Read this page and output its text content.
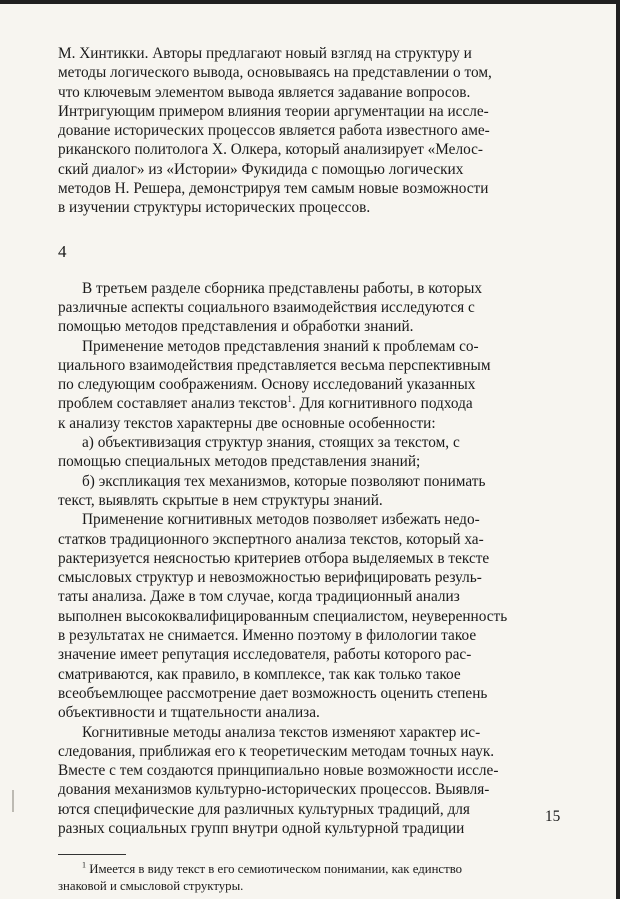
М. Хинтикки. Авторы предлагают новый взгляд на структуру и
методы логического вывода, основываясь на представлении о том,
что ключевым элементом вывода является задавание вопросов.
Интригующим примером влияния теории аргументации на иссле-
дование исторических процессов является работа известного аме-
риканского политолога Х. Олкера, который анализирует «Мелос-
ский диалог» из «Истории» Фукидида с помощью логических
методов Н. Решера, демонстрируя тем самым новые возможности
в изучении структуры исторических процессов.

4

В третьем разделе сборника представлены работы, в которых
различные аспекты социального взаимодействия исследуются с
помощью методов представления и обработки знаний.

Применение методов представления знаний к проблемам со-
циального взаимодействия представляется весьма перспективным
по следующим соображениям. Основу исследований указанных
проблем составляет анализ текстов$^1$. Для когнитивного подхода
к анализу текстов характерны две основные особенности:

а) объективизация структур знания, стоящих за текстом, с
помощью специальных методов представления знаний;

б) экспликация тех механизмов, которые позволяют понимать
текст, выявлять скрытые в нем структуры знаний.

Применение когнитивных методов позволяет избежать недо-
статков традиционного экспертного анализа текстов, который ха-
рактеризуется неясностью критериев отбора выделяемых в тексте
смысловых структур и невозможностью верифицировать резуль-
таты анализа. Даже в том случае, когда традиционный анализ
выполнен высококвалифицированным специалистом, неуверенность
в результатах не снимается. Именно поэтому в филологии такое
значение имеет репутация исследователя, работы которого рас-
сматриваются, как правило, в комплексе, так как только такое
всеобъемлющее рассмотрение дает возможность оценить степень
объективности и тщательности анализа.

Когнитивные методы анализа текстов изменяют характер ис-
следования, приближая его к теоретическим методам точных наук.
Вместе с тем создаются принципиально новые возможности иссле-
дования механизмов культурно-исторических процессов. Выявля-
ются специфические для различных культурных традиций, для
разных социальных групп внутри одной культурной традиции

$^1$ Имеется в виду текст в его семиотическом понимании, как единство
знаковой и смысловой структуры.

15
